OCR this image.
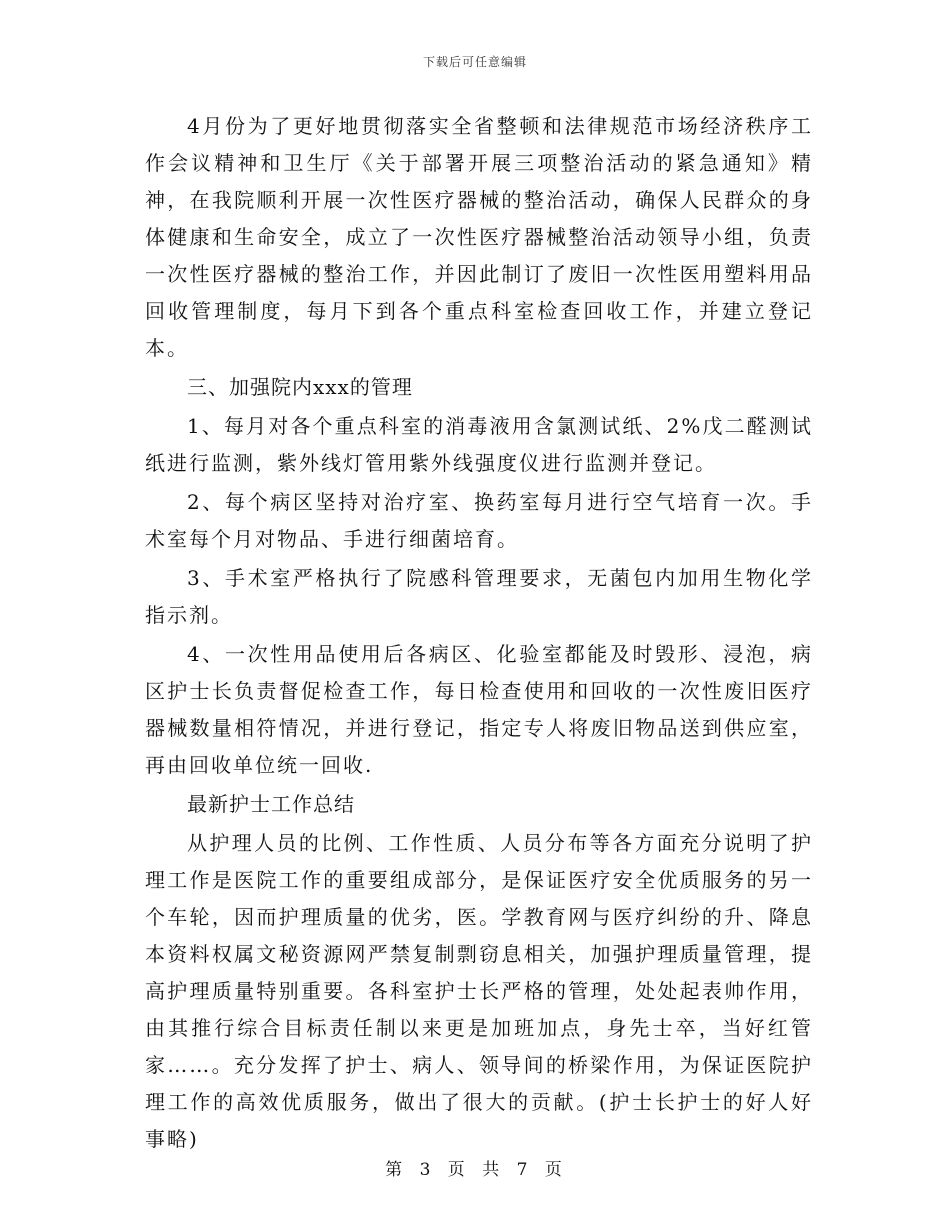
下载后可任意编辑

4月份为了更好地贯彻落实全省整顿和法律规范市场经济秩序工作会议精神和卫生厅《关于部署开展三项整治活动的紧急通知》精神，在我院顺利开展一次性医疗器械的整治活动，确保人民群众的身体健康和生命安全，成立了一次性医疗器械整治活动领导小组，负责一次性医疗器械的整治工作，并因此制订了废旧一次性医用塑料用品回收管理制度，每月下到各个重点科室检查回收工作，并建立登记本。

三、加强院内xxx的管理

1、每月对各个重点科室的消毒液用含氯测试纸、2%戊二醛测试纸进行监测，紫外线灯管用紫外线强度仪进行监测并登记。

2、每个病区坚持对治疗室、换药室每月进行空气培育一次。手术室每个月对物品、手进行细菌培育。

3、手术室严格执行了院感科管理要求，无菌包内加用生物化学指示剂。

4、一次性用品使用后各病区、化验室都能及时毁形、浸泡，病区护士长负责督促检查工作，每日检查使用和回收的一次性废旧医疗器械数量相符情况，并进行登记，指定专人将废旧物品送到供应室，再由回收单位统一回收.

最新护士工作总结

从护理人员的比例、工作性质、人员分布等各方面充分说明了护理工作是医院工作的重要组成部分，是保证医疗安全优质服务的另一个车轮，因而护理质量的优劣，医。学教育网与医疗纠纷的升、降息本资料权属文秘资源网严禁复制剽窃息相关，加强护理质量管理，提高护理质量特别重要。各科室护士长严格的管理，处处起表帅作用，由其推行综合目标责任制以来更是加班加点，身先士卒，当好红管家……。充分发挥了护士、病人、领导间的桥梁作用，为保证医院护理工作的高效优质服务，做出了很大的贡献。(护士长护士的好人好事略)

第 3 页 共 7 页
